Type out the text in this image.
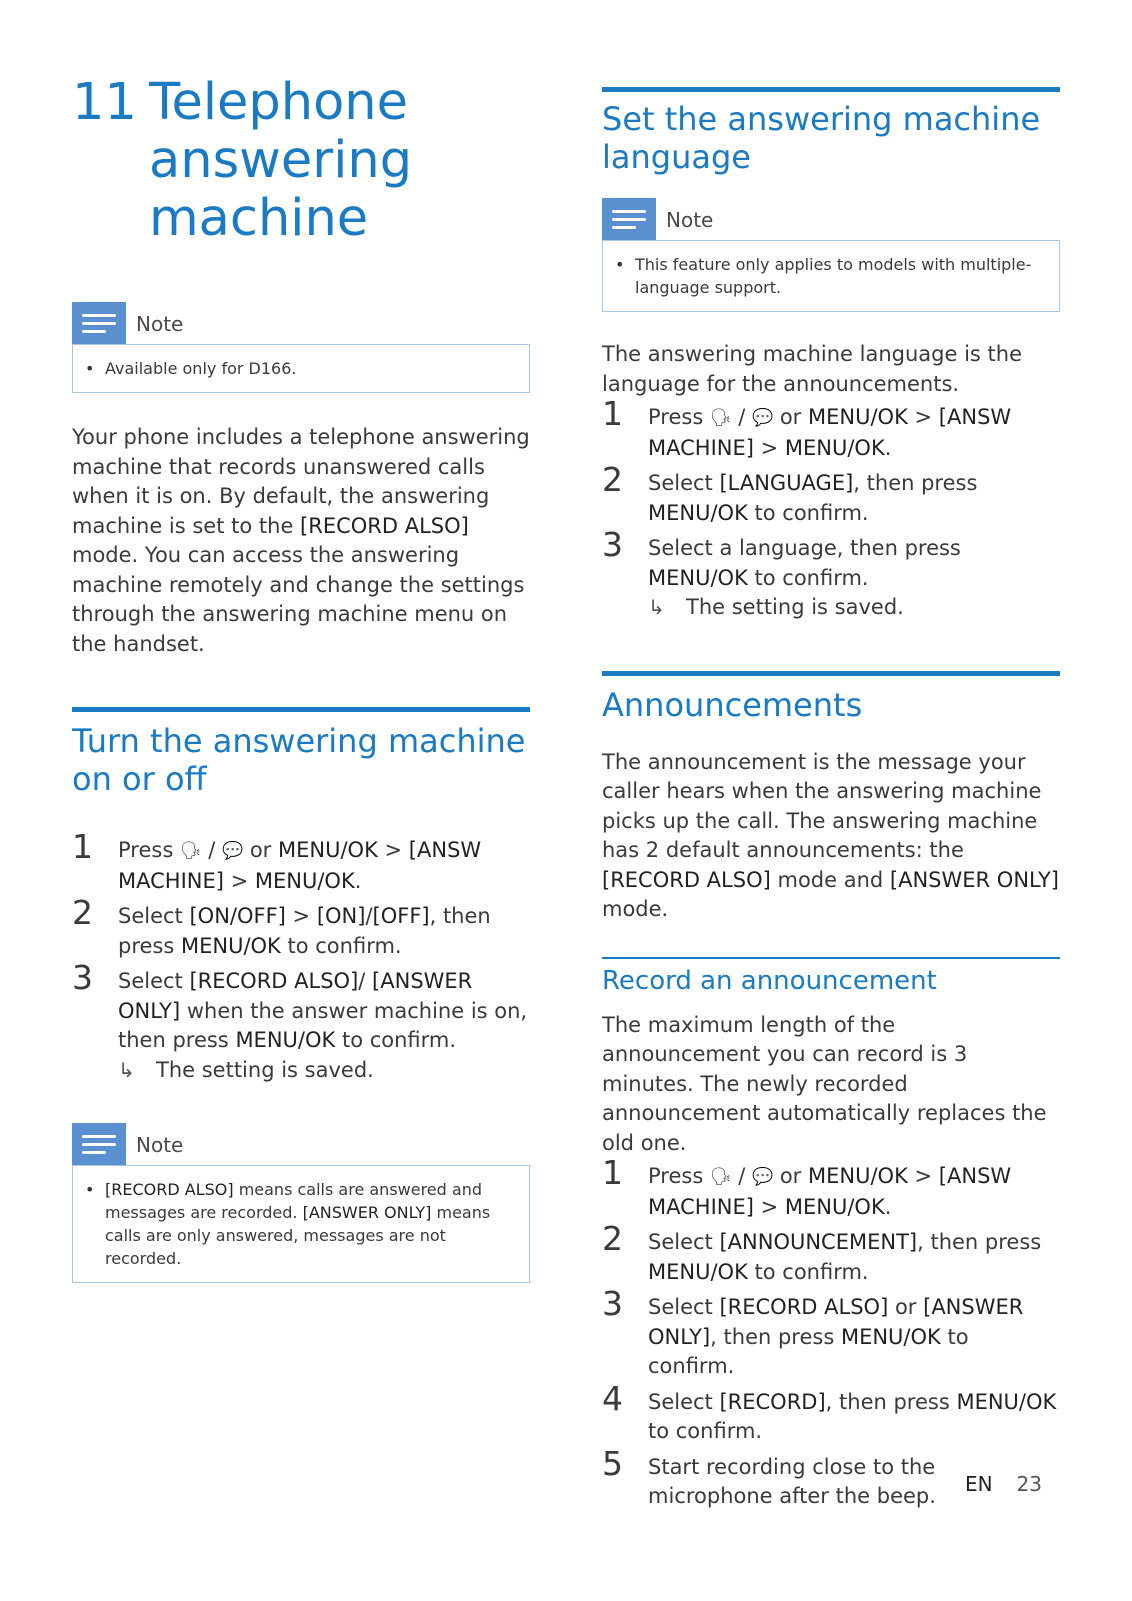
11 Telephone
answering
machine
Note
• Available only for D166.

Your phone includes a telephone answering machine that records unanswered calls when it is on. By default, the answering machine is set to the [RECORD ALSO] mode. You can access the answering machine remotely and change the settings through the answering machine menu on the handset.

Turn the answering machine on or off
1 Press 🗣 / 💬 or MENU/OK > [ANSW MACHINE] > MENU/OK.
2 Select [ON/OFF] > [ON]/[OFF], then press MENU/OK to confirm.
3 Select [RECORD ALSO]/ [ANSWER ONLY] when the answer machine is on, then press MENU/OK to confirm.
↳ The setting is saved.
Note
• [RECORD ALSO] means calls are answered and messages are recorded. [ANSWER ONLY] means calls are only answered, messages are not recorded.
Set the answering machine language
Note
• This feature only applies to models with multiple-language support.

The answering machine language is the language for the announcements.

1 Press 🗣 / 💬 or MENU/OK > [ANSW MACHINE] > MENU/OK.
2 Select [LANGUAGE], then press MENU/OK to confirm.
3 Select a language, then press MENU/OK to confirm.
↳ The setting is saved.
Announcements

The announcement is the message your caller hears when the answering machine picks up the call. The answering machine has 2 default announcements: the [RECORD ALSO] mode and [ANSWER ONLY] mode.

Record an announcement

The maximum length of the announcement you can record is 3 minutes. The newly recorded announcement automatically replaces the old one.

1 Press 🗣 / 💬 or MENU/OK > [ANSW MACHINE] > MENU/OK.
2 Select [ANNOUNCEMENT], then press MENU/OK to confirm.
3 Select [RECORD ALSO] or [ANSWER ONLY], then press MENU/OK to confirm.
4 Select [RECORD], then press MENU/OK to confirm.
5 Start recording close to the microphone after the beep.	EN 23
